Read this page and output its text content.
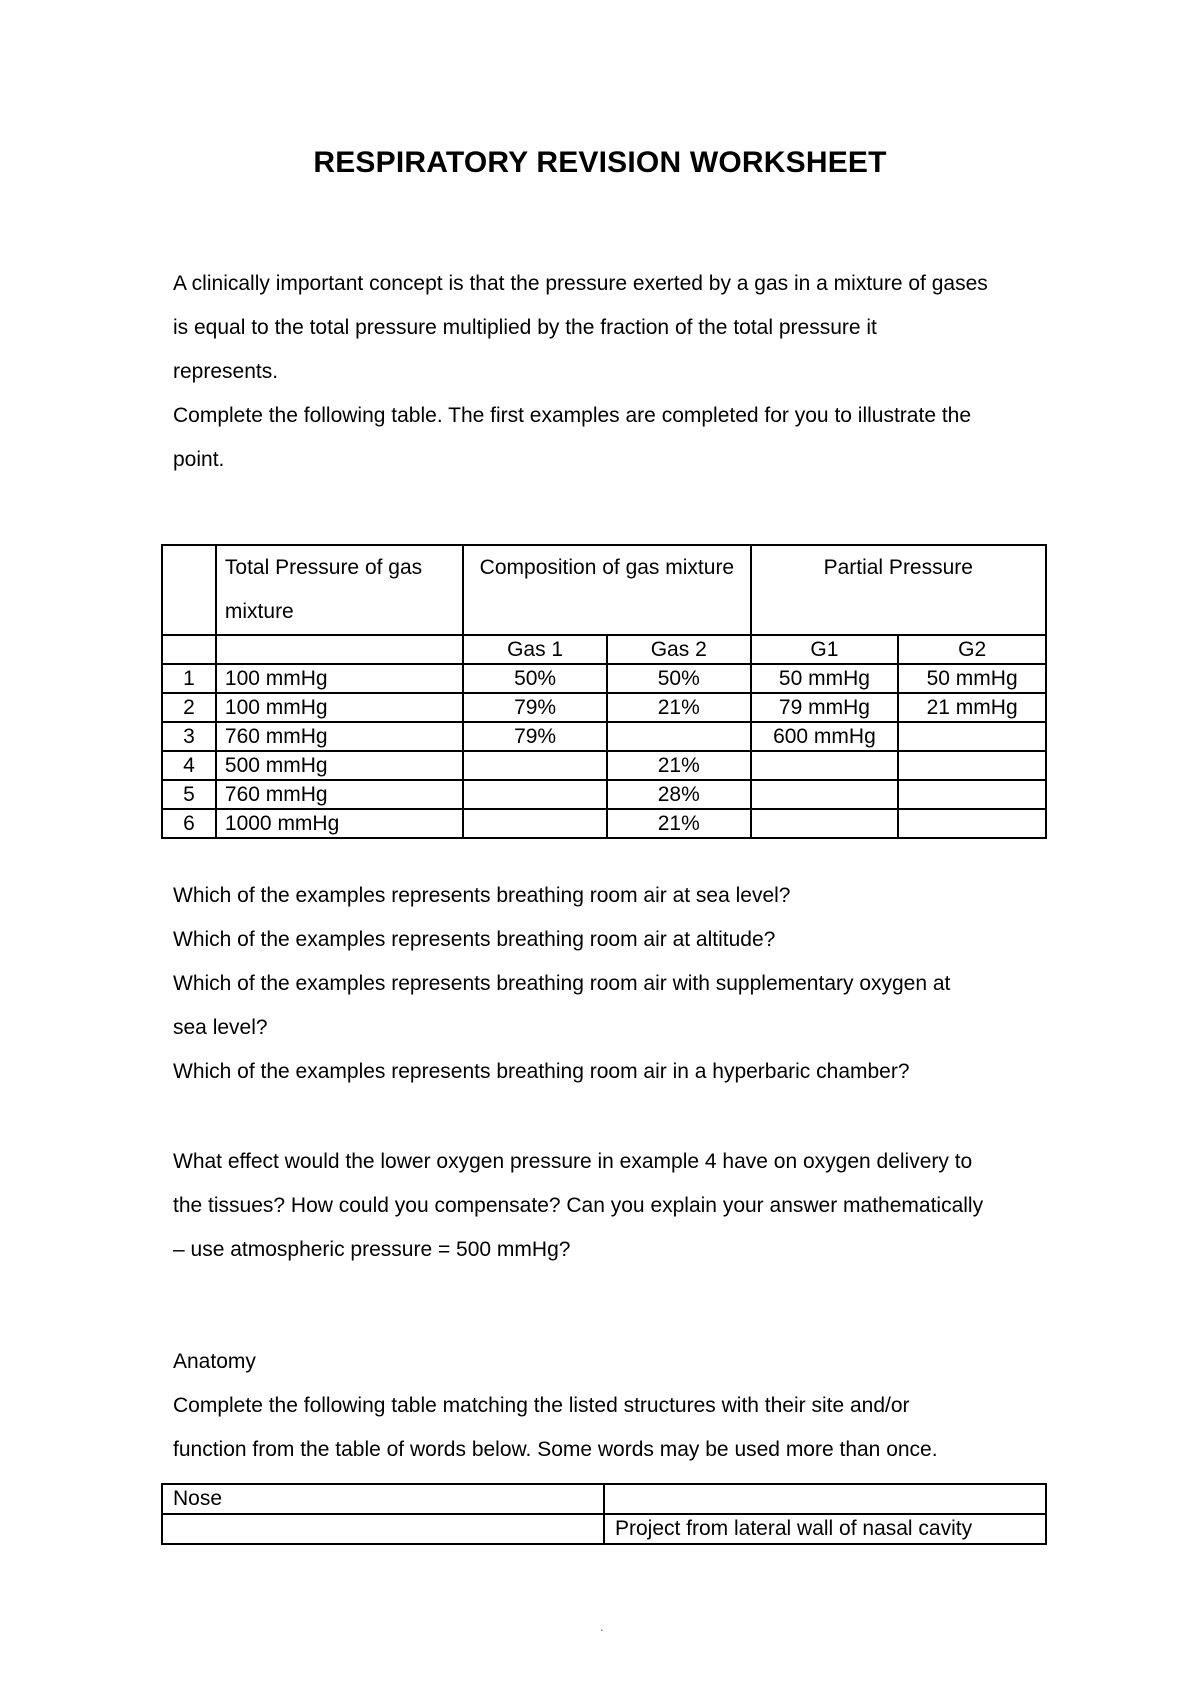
RESPIRATORY REVISION WORKSHEET

A clinically important concept is that the pressure exerted by a gas in a mixture of gases

is equal to the total pressure multiplied by the fraction of the total pressure it

represents.

Complete the following table. The first examples are completed for you to illustrate the

point.

	Total Pressure of gas mixture	Composition of gas mixture		Partial Pressure	
		Gas 1	Gas 2	G1	G2
1	100 mmHg	50%	50%	50 mmHg	50 mmHg
2	100 mmHg	79%	21%	79 mmHg	21 mmHg
3	760 mmHg	79%		600 mmHg	
4	500 mmHg		21%		
5	760 mmHg		28%		
6	1000 mmHg		21%		

Which of the examples represents breathing room air at sea level?

Which of the examples represents breathing room air at altitude?

Which of the examples represents breathing room air with supplementary oxygen at

sea level?

Which of the examples represents breathing room air in a hyperbaric chamber?

What effect would the lower oxygen pressure in example 4 have on oxygen delivery to

the tissues? How could you compensate? Can you explain your answer mathematically

– use atmospheric pressure = 500 mmHg?

Anatomy

Complete the following table matching the listed structures with their site and/or

function from the table of words below. Some words may be used more than once.

Nose	
	Project from lateral wall of nasal cavity
.
